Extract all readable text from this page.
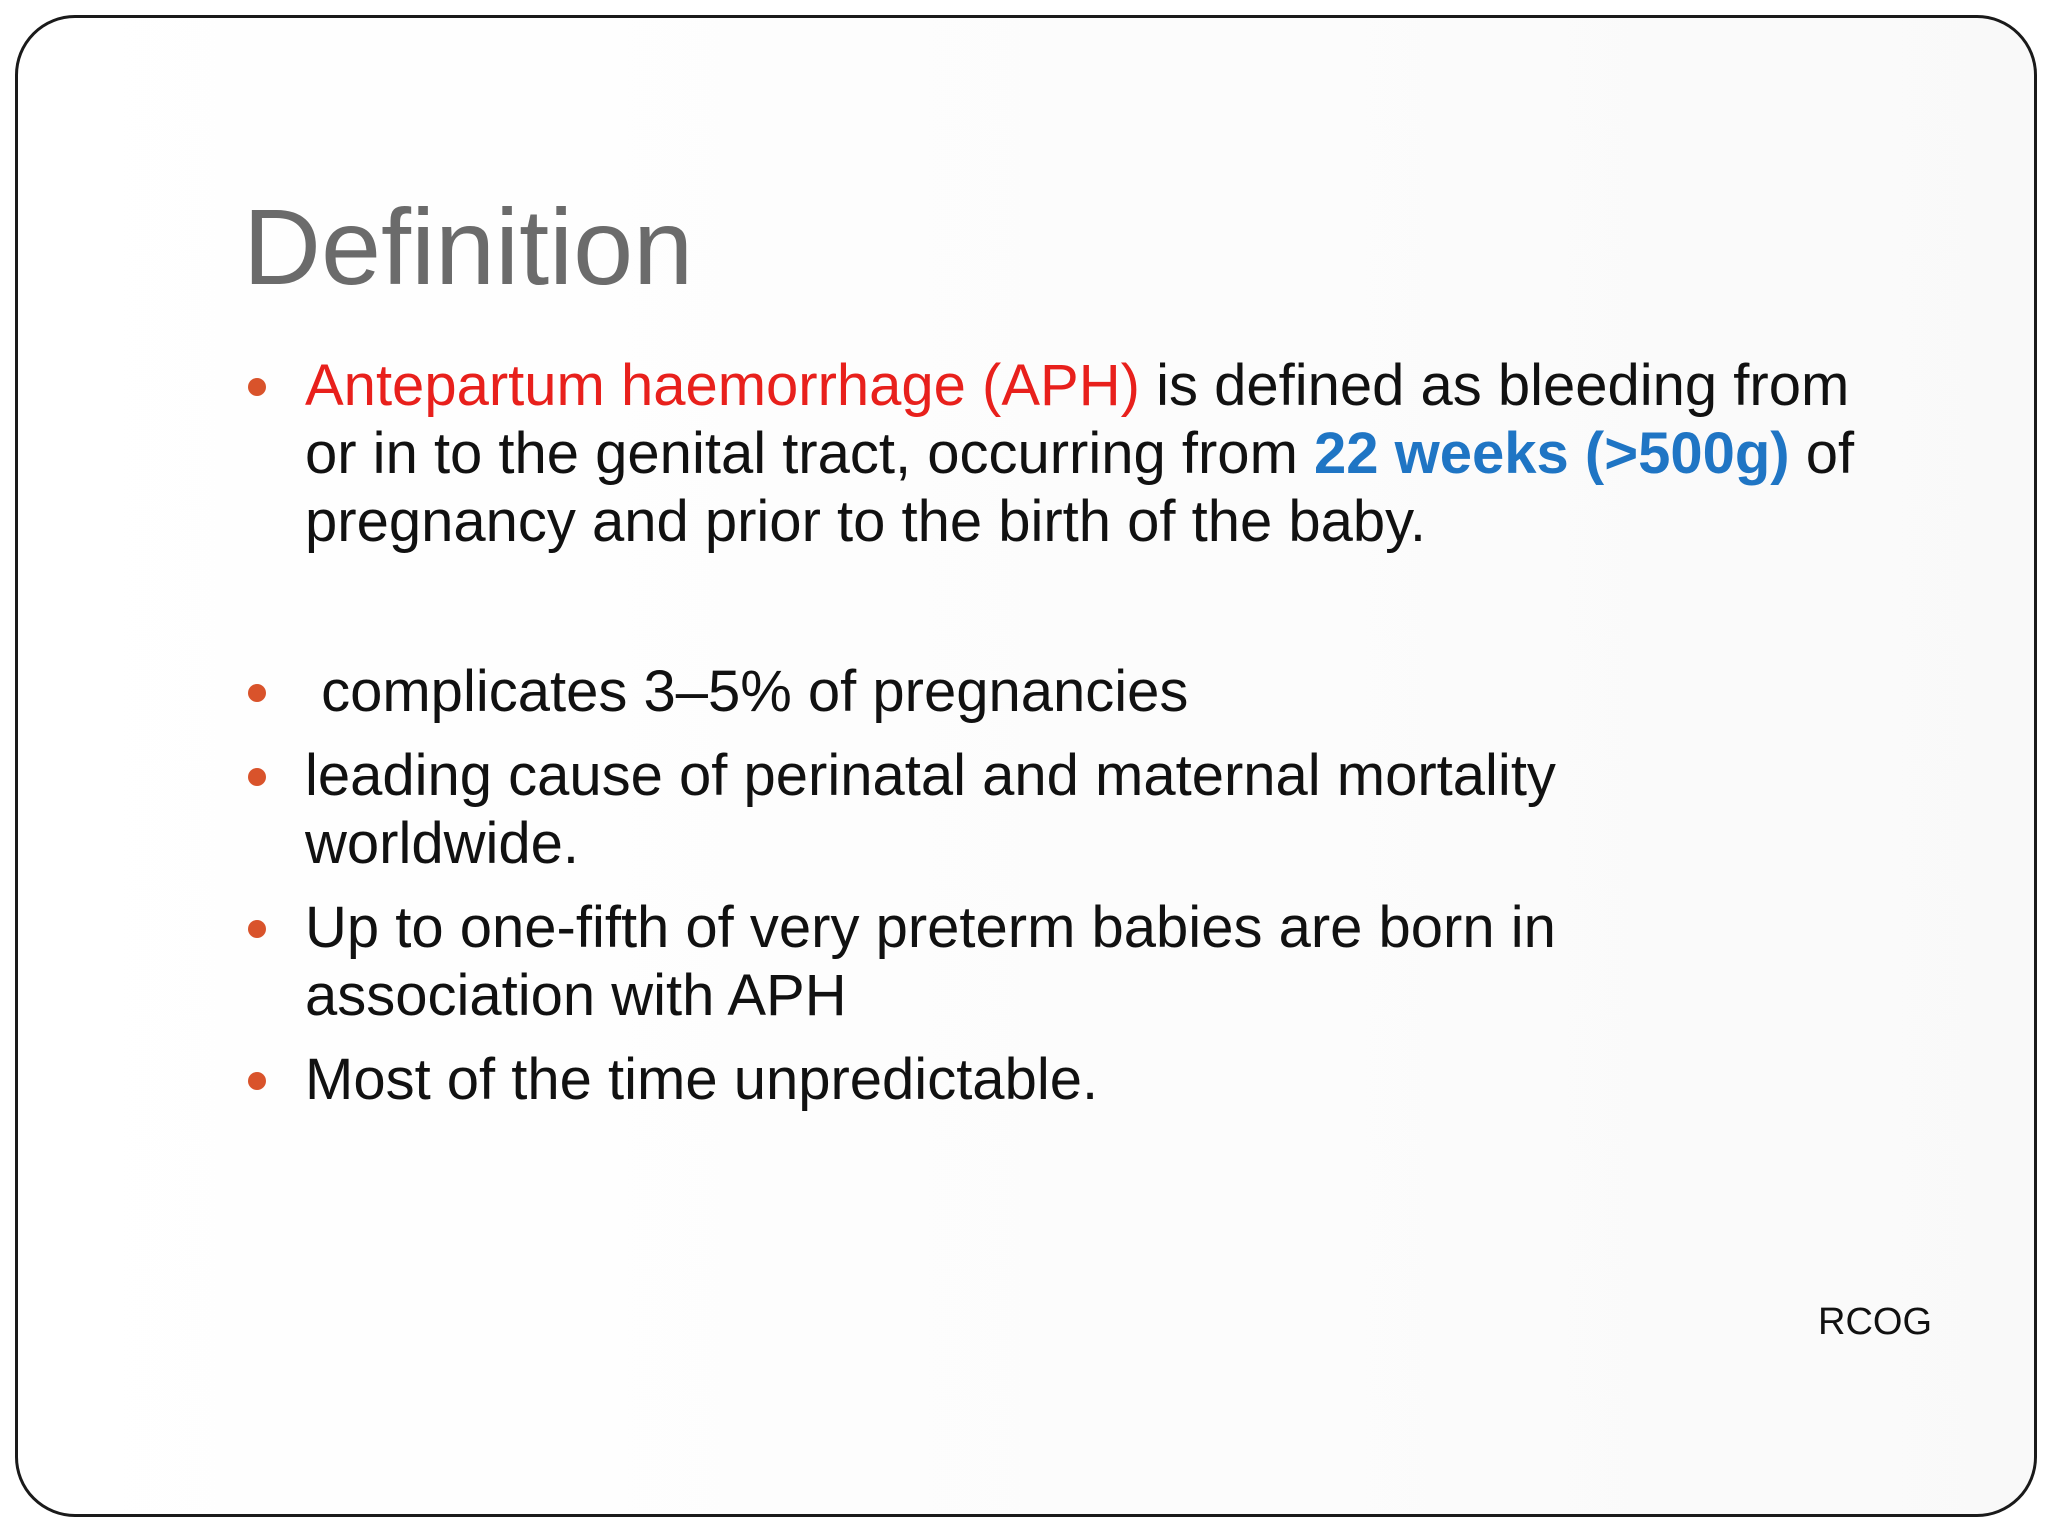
Definition
Antepartum haemorrhage (APH) is defined as bleeding from or in to the genital tract, occurring from 22 weeks (>500g) of pregnancy and prior to the birth of the baby.
complicates 3–5% of pregnancies
leading cause of perinatal and maternal mortality worldwide.
Up to one-fifth of very preterm babies are born in association with APH
Most of the time unpredictable.
RCOG
